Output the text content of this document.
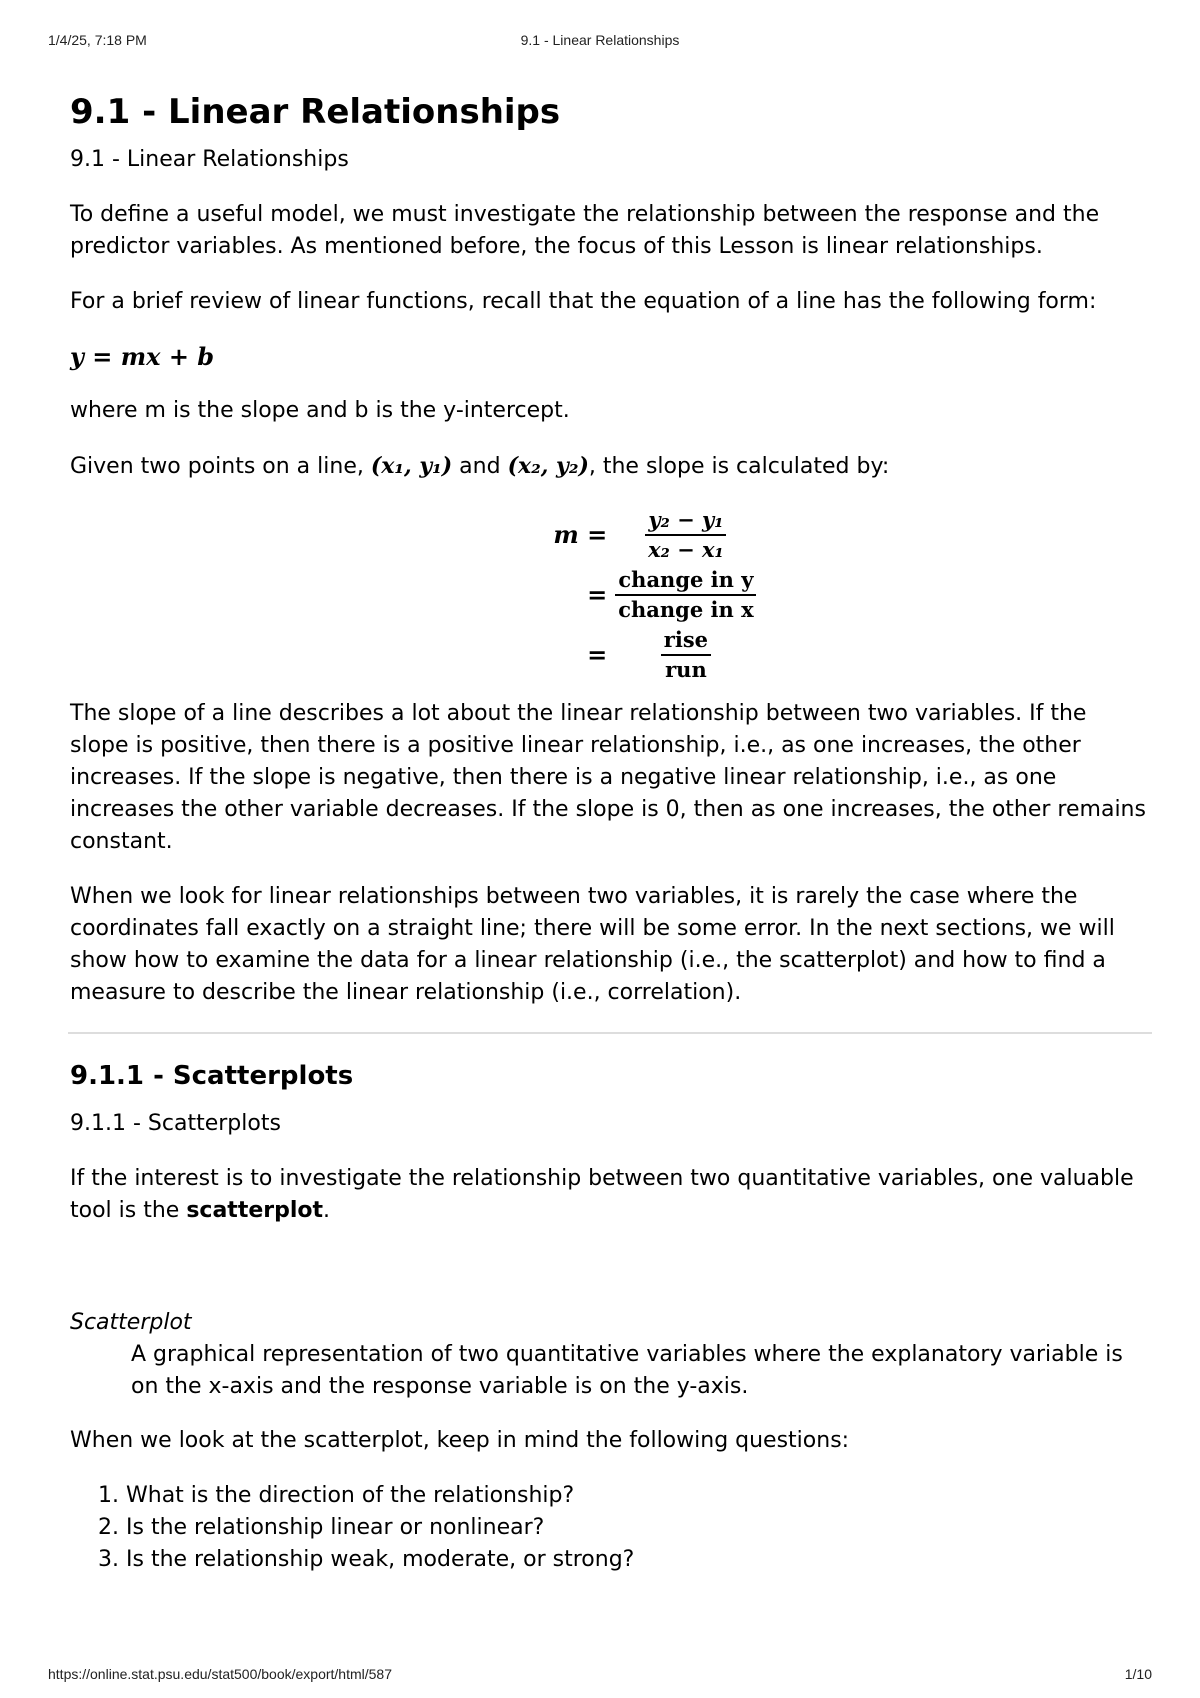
1/4/25, 7:18 PM	9.1 - Linear Relationships
9.1 - Linear Relationships

9.1 - Linear Relationships

To define a useful model, we must investigate the relationship between the response and the predictor variables. As mentioned before, the focus of this Lesson is linear relationships.

For a brief review of linear functions, recall that the equation of a line has the following form:

y = mx + b

where m is the slope and b is the y-intercept.

Given two points on a line, (x₁, y₁) and (x₂, y₂), the slope is calculated by:

$m = \frac{\text{y₂ − y₁}}{\text{x₂ − x₁}}$
= $\frac{\text{change in y}}{\text{change in x}}$
= $\frac{\text{rise}}{\text{run}}$

The slope of a line describes a lot about the linear relationship between two variables. If the slope is positive, then there is a positive linear relationship, i.e., as one increases, the other increases. If the slope is negative, then there is a negative linear relationship, i.e., as one increases the other variable decreases. If the slope is 0, then as one increases, the other remains constant.

When we look for linear relationships between two variables, it is rarely the case where the coordinates fall exactly on a straight line; there will be some error. In the next sections, we will show how to examine the data for a linear relationship (i.e., the scatterplot) and how to find a measure to describe the linear relationship (i.e., correlation).

9.1.1 - Scatterplots

9.1.1 - Scatterplots

If the interest is to investigate the relationship between two quantitative variables, one valuable tool is the scatterplot.

Scatterplot
A graphical representation of two quantitative variables where the explanatory variable is on the x-axis and the response variable is on the y-axis.

When we look at the scatterplot, keep in mind the following questions:

1. What is the direction of the relationship?
2. Is the relationship linear or nonlinear?
3. Is the relationship weak, moderate, or strong?
https://online.stat.psu.edu/stat500/book/export/html/587	1/10
